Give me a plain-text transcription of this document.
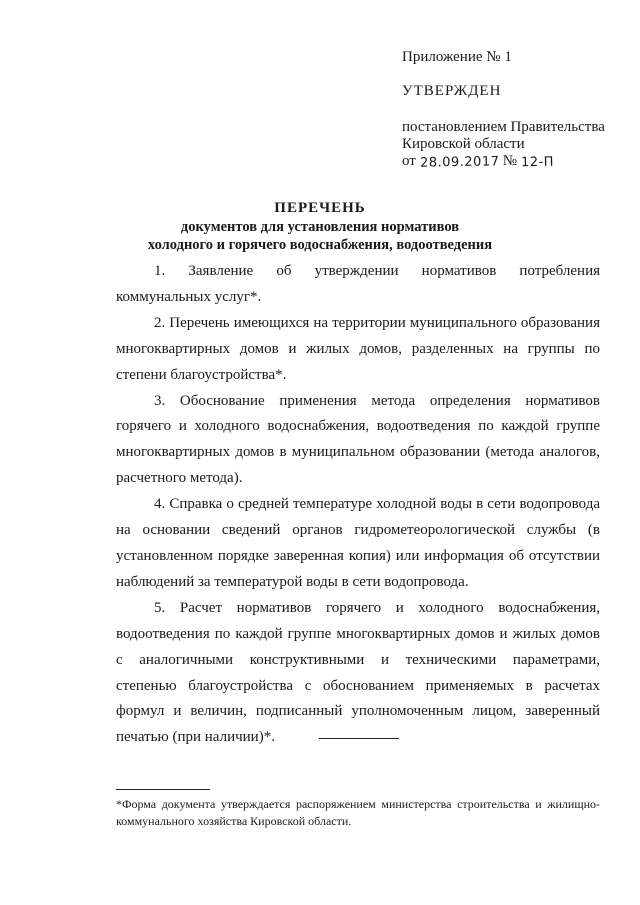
Приложение № 1
УТВЕРЖДЕН
постановлением Правительства
Кировской области
от 28.09.2017 № 12-П
ПЕРЕЧЕНЬ
документов для установления нормативов
холодного и горячего водоснабжения, водоотведения

1. Заявление об утверждении нормативов потребления коммунальных услуг*.

2. Перечень имеющихся на территории муниципального образования многоквартирных домов и жилых домов, разделенных на группы по степени благоустройства*.

3. Обоснование применения метода определения нормативов горячего и холодного водоснабжения, водоотведения по каждой группе многоквартирных домов в муниципальном образовании (метода аналогов, расчетного метода).

4. Справка о средней температуре холодной воды в сети водопровода на основании сведений органов гидрометеорологической службы (в установленном порядке заверенная копия) или информация об отсутствии наблюдений за температурой воды в сети водопровода.

5. Расчет нормативов горячего и холодного водоснабжения, водоотведения по каждой группе многоквартирных домов и жилых домов с аналогичными конструктивными и техническими параметрами, степенью благоустройства с обоснованием применяемых в расчетах формул и величин, подписанный уполномоченным лицом, заверенный печатью (при наличии)*.

*Форма документа утверждается распоряжением министерства строительства и жилищно-коммунального хозяйства Кировской области.
